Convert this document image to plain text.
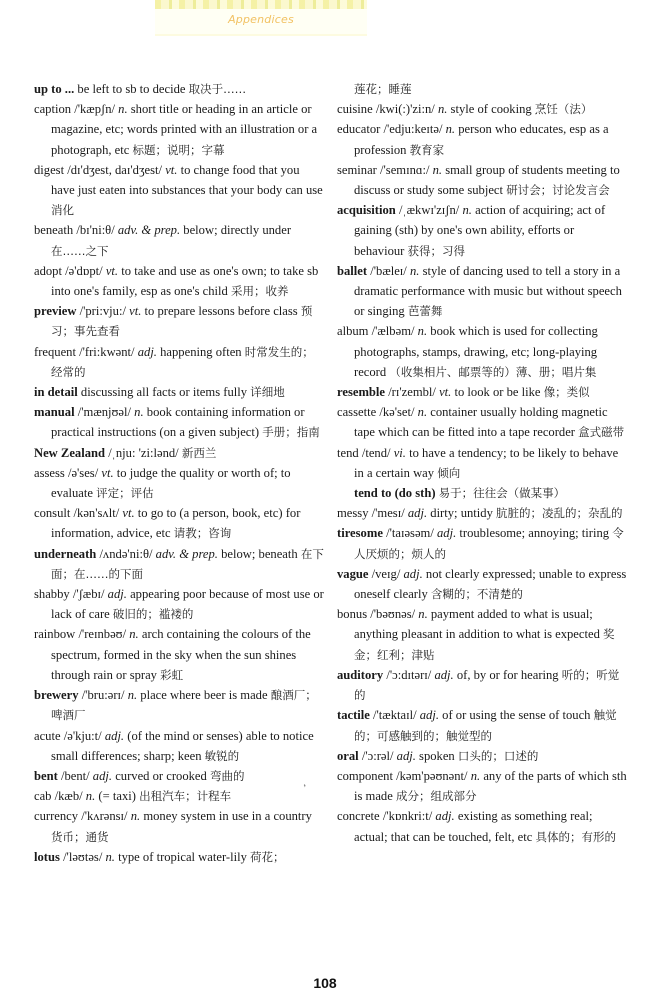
Appendices

up to ... be left to sb to decide 取决于……

caption /'kæpʃn/ n. short title or heading in an article or magazine, etc; words printed with an illustration or a photograph, etc 标题；说明；字幕

digest /dɪ'dʒest, daɪ'dʒest/ vt. to change food that you have just eaten into substances that your body can use 消化

beneath /bɪ'ni:θ/ adv. & prep. below; directly under 在……之下

adopt /ə'dɒpt/ vt. to take and use as one's own; to take sb into one's family, esp as one's child 采用；收养

preview /'pri:vju:/ vt. to prepare lessons before class 预习；事先查看

frequent /'fri:kwənt/ adj. happening often 时常发生的；经常的

in detail discussing all facts or items fully 详细地

manual /'mænjʊəl/ n. book containing information or practical instructions (on a given subject) 手册；指南

New Zealand /ˌnju: 'zi:lənd/ 新西兰

assess /ə'ses/ vt. to judge the quality or worth of; to evaluate 评定；评估

consult /kən'sʌlt/ vt. to go to (a person, book, etc) for information, advice, etc 请教；咨询

underneath /ʌndə'ni:θ/ adv. & prep. below; beneath 在下面；在……的下面

shabby /'ʃæbɪ/ adj. appearing poor because of most use or lack of care 破旧的；褴褛的

rainbow /'reɪnbəʊ/ n. arch containing the colours of the spectrum, formed in the sky when the sun shines through rain or spray 彩虹

brewery /'bru:ərɪ/ n. place where beer is made 酿酒厂；啤酒厂

acute /ə'kju:t/ adj. (of the mind or senses) able to notice small differences; sharp; keen 敏锐的

bent /bent/ adj. curved or crooked 弯曲的

cab /kæb/ n. (= taxi) 出租汽车；计程车

currency /'kʌrənsɪ/ n. money system in use in a country 货币；通货

lotus /'ləʊtəs/ n. type of tropical water-lily 荷花；

莲花；睡莲

cuisine /kwi(:)'zi:n/ n. style of cooking 烹饪（法）

educator /'edju:keɪtə/ n. person who educates, esp as a profession 教育家

seminar /'semɪnɑ:/ n. small group of students meeting to discuss or study some subject 研讨会；讨论发言会

acquisition /ˌækwɪ'zɪʃn/ n. action of acquiring; act of gaining (sth) by one's own ability, efforts or behaviour 获得；习得

ballet /'bæleɪ/ n. style of dancing used to tell a story in a dramatic performance with music but without speech or singing 芭蕾舞

album /'ælbəm/ n. book which is used for collecting photographs, stamps, drawing, etc; long-playing record （收集相片、邮票等的）薄、册；唱片集

resemble /rɪ'zembl/ vt. to look or be like 像；类似

cassette /kə'set/ n. container usually holding magnetic tape which can be fitted into a tape recorder 盒式磁带

tend /tend/ vi. to have a tendency; to be likely to behave in a certain way 倾向

tend to (do sth) 易于；往往会（做某事）

messy /'mesɪ/ adj. dirty; untidy 肮脏的；凌乱的；杂乱的

tiresome /'taɪəsəm/ adj. troublesome; annoying; tiring 令人厌烦的；烦人的

vague /veɪg/ adj. not clearly expressed; unable to express oneself clearly 含糊的；不清楚的

bonus /'bəʊnəs/ n. payment added to what is usual; anything pleasant in addition to what is expected 奖金；红利；津贴

auditory /'ɔ:dɪtərɪ/ adj. of, by or for hearing 听的；听觉的

tactile /'tæktaɪl/ adj. of or using the sense of touch 触觉的；可感触到的；触觉型的

oral /'ɔ:rəl/ adj. spoken 口头的；口述的

component /kəm'pəʊnənt/ n. any of the parts of which sth is made 成分；组成部分

concrete /'kɒnkri:t/ adj. existing as something real; actual; that can be touched, felt, etc 具体的；有形的

ʼ
108
